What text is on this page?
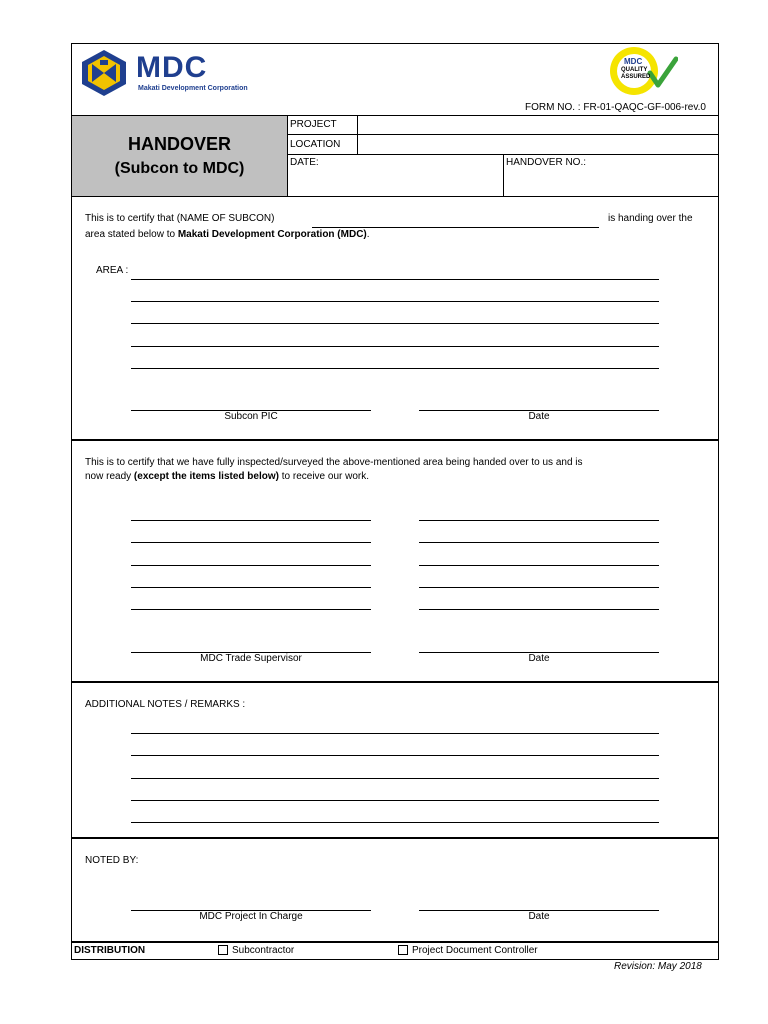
MDC
Makati Development Corporation
MDC
QUALITY
ASSURED
FORM NO. : FR-01-QAQC-GF-006-rev.0
HANDOVER
(Subcon to MDC)
PROJECT
LOCATION
DATE:	HANDOVER NO.:
This is to certify that (NAME OF SUBCON)	is handing over the
area stated below to Makati Development Corporation (MDC).
AREA :
Subcon PIC	Date
This is to certify that we have fully inspected/surveyed the above-mentioned area being handed over to us and is
now ready (except the items listed below) to receive our work.
MDC Trade Supervisor	Date
ADDITIONAL NOTES / REMARKS :
NOTED BY:
MDC Project In Charge	Date
DISTRIBUTION	Subcontractor	Project Document Controller
Revision: May 2018
